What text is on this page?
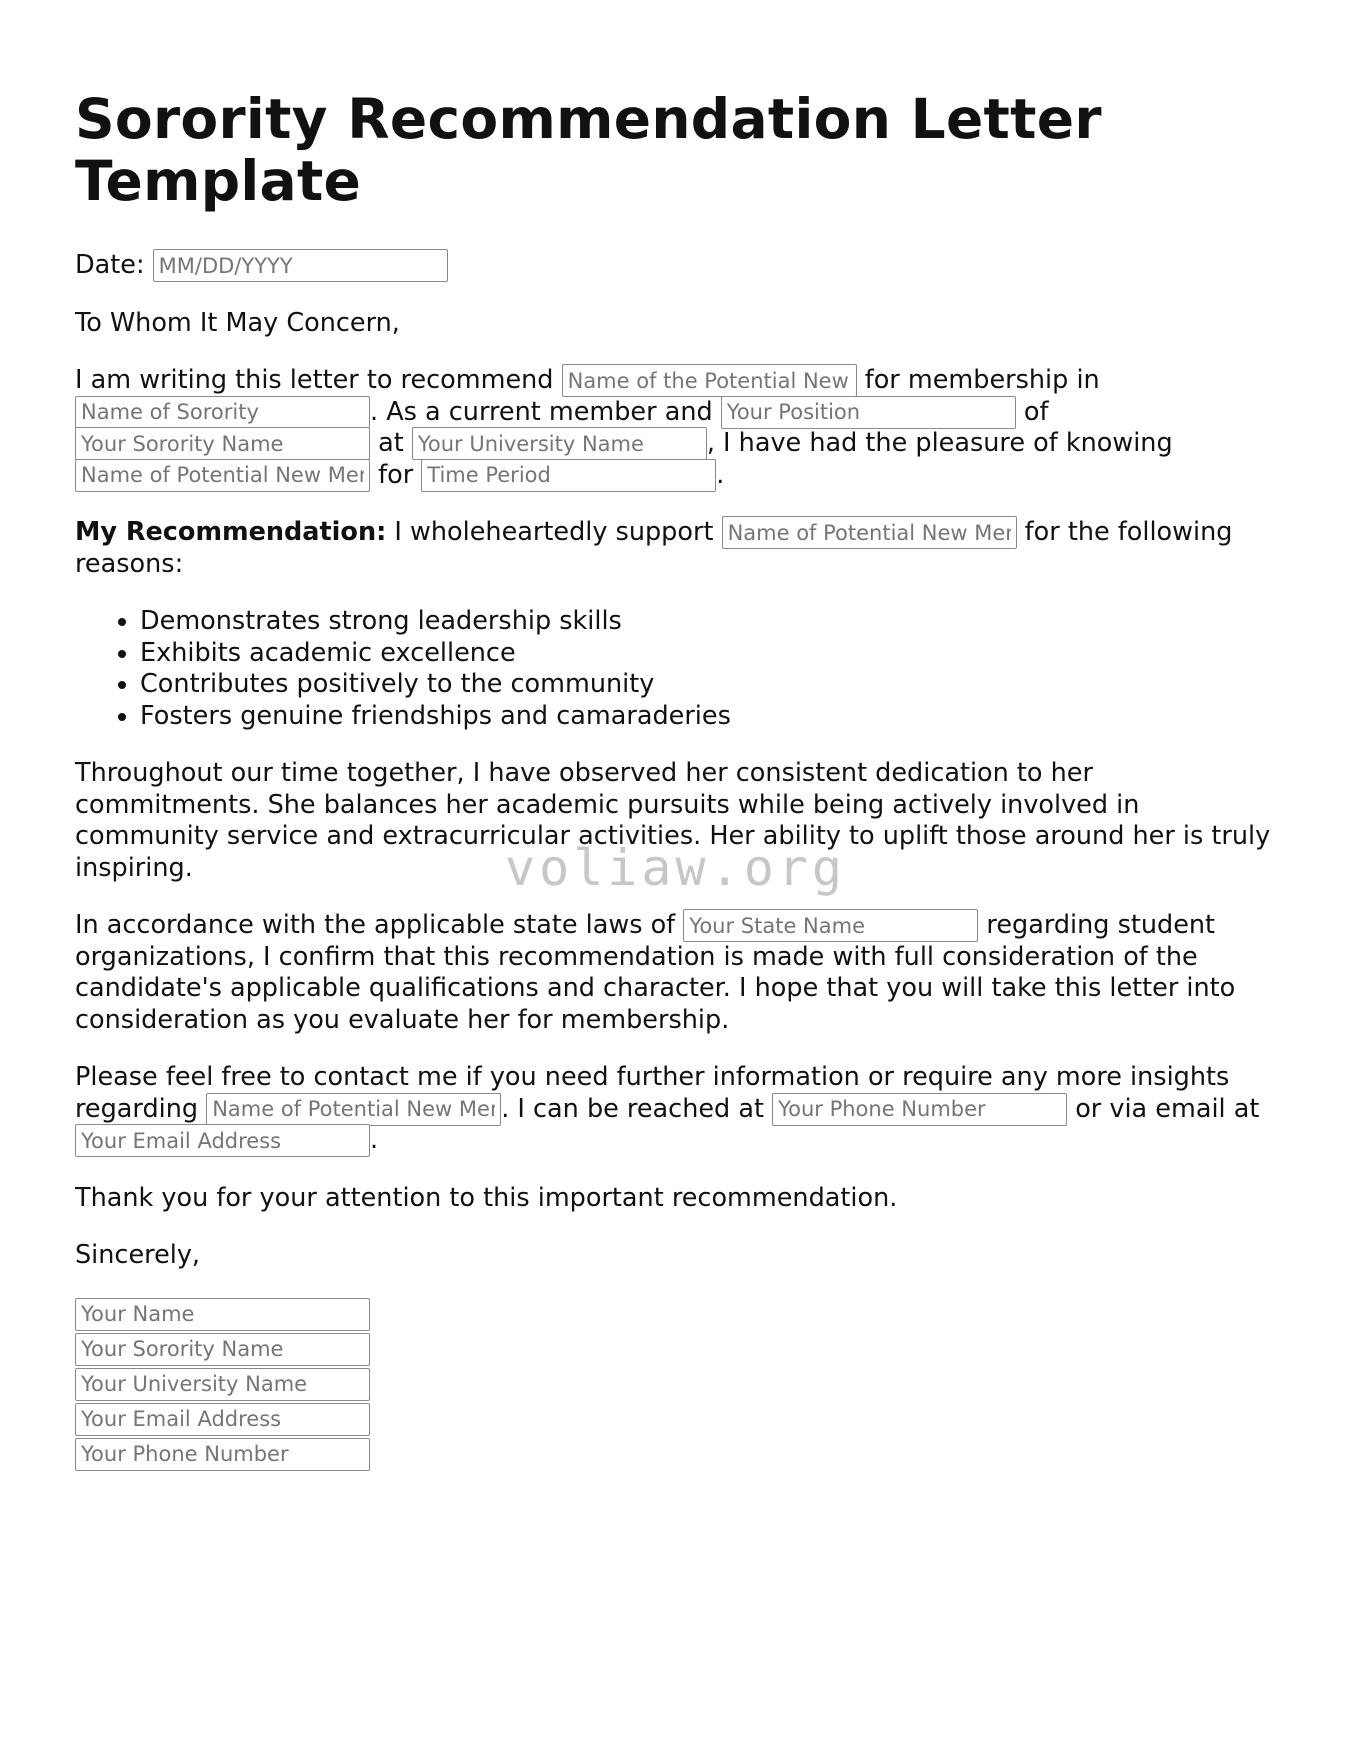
Sorority Recommendation Letter Template

Date: MM/DD/YYYY

To Whom It May Concern,

I am writing this letter to recommend Name of the Potential New Member	for membership in Name of Sorority. As a current member and Your Position	of Your Sorority Name at Your University Name	, I have had the pleasure of knowing Name of Potential New Member for Time Period	.

My Recommendation: I wholeheartedly support Name of Potential New Member	for the following reasons:

• Demonstrates strong leadership skills
• Exhibits academic excellence
• Contributes positively to the community
• Fosters genuine friendships and camaraderies

Throughout our time together, I have observed her consistent dedication to her commitments. She balances her academic pursuits while being actively involved in community service and extracurricular activities. Her ability to uplift those around her is truly inspiring.

In accordance with the applicable state laws of Your State Name	regarding student organizations, I confirm that this recommendation is made with full consideration of the candidate's applicable qualifications and character. I hope that you will take this letter into consideration as you evaluate her for membership.

Please feel free to contact me if you need further information or require any more insights regarding Name of Potential New Member	. I can be reached at Your Phone Number	or via email at Your Email Address.

Thank you for your attention to this important recommendation.

Sincerely,

Your Name
Your Sorority Name
Your University Name
Your Email Address
Your Phone Number
voliaw.org
